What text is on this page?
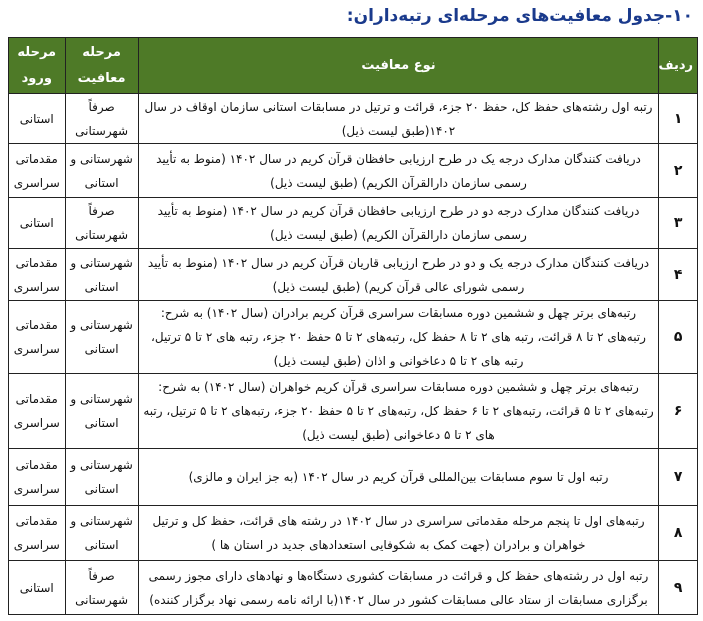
۱۰-جدول معافیت‌های مرحله‌ای رتبه‌داران:
ردیف	نوع معافیت	مرحله معافیت	مرحله ورود
۱	رتبه اول رشته‌های حفظ کل، حفظ ۲۰ جزء، قرائت و ترتیل در مسابقات استانی سازمان اوقاف در سال ۱۴۰۲(طبق لیست ذیل)	صرفاً شهرستانی	استانی
۲	دریافت کنندگان مدارک درجه یک در طرح ارزیابی حافظان قرآن کریم در سال ۱۴۰۲ (منوط به تأیید رسمی سازمان دارالقرآن الکریم) (طبق لیست ذیل)	شهرستانی و استانی	مقدماتی سراسری
۳	دریافت کنندگان مدارک درجه دو در طرح ارزیابی حافظان قرآن کریم در سال ۱۴۰۲ (منوط به تأیید رسمی سازمان دارالقرآن الکریم) (طبق لیست ذیل)	صرفاً شهرستانی	استانی
۴	دریافت کنندگان مدارک درجه یک و دو در طرح ارزیابی قاریان قرآن کریم در سال ۱۴۰۲ (منوط به تأیید رسمی شورای عالی قرآن کریم) (طبق لیست ذیل)	شهرستانی و استانی	مقدماتی سراسری
۵	رتبه‌های برتر چهل و ششمین دوره مسابقات سراسری قرآن کریم برادران (سال ۱۴۰۲) به شرح: رتبه‌های ۲ تا ۸ قرائت، رتبه های ۲ تا ۸ حفظ کل، رتبه‌های ۲ تا ۵ حفظ ۲۰ جزء، رتبه های ۲ تا ۵ ترتیل، رتبه های ۲ تا ۵ دعاخوانی و اذان (طبق لیست ذیل)	شهرستانی و استانی	مقدماتی سراسری
۶	رتبه‌های برتر چهل و ششمین دوره مسابقات سراسری قرآن کریم خواهران (سال ۱۴۰۲) به شرح: رتبه‌های ۲ تا ۵ قرائت، رتبه‌های ۲ تا ۶ حفظ کل، رتبه‌های ۲ تا ۵ حفظ ۲۰ جزء، رتبه‌های ۲ تا ۵ ترتیل، رتبه های ۲ تا ۵ دعاخوانی (طبق لیست ذیل)	شهرستانی و استانی	مقدماتی سراسری
۷	رتبه اول تا سوم مسابقات بین‌المللی قرآن کریم در سال ۱۴۰۲ (به جز ایران و مالزی)	شهرستانی و استانی	مقدماتی سراسری
۸	رتبه‌های اول تا پنجم مرحله مقدماتی سراسری در سال ۱۴۰۲ در رشته های قرائت، حفظ کل و ترتیل خواهران و برادران (جهت کمک به شکوفایی استعدادهای جدید در استان ها )	شهرستانی و استانی	مقدماتی سراسری
۹	رتبه اول در رشته‌های حفظ کل و قرائت در مسابقات کشوری دستگاه‌ها و نهادهای دارای مجوز رسمی برگزاری مسابقات از ستاد عالی مسابقات کشور در سال ۱۴۰۲(با ارائه نامه رسمی نهاد برگزار کننده)	صرفاً شهرستانی	استانی
